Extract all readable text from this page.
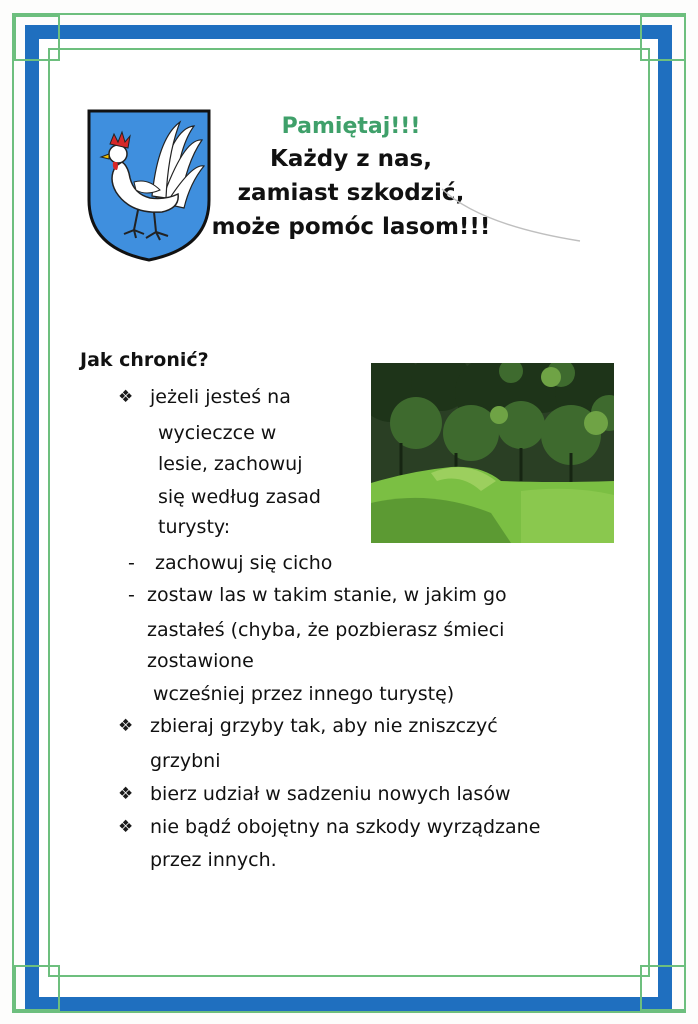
Pamiętaj!!!
Każdy z nas,
zamiast szkodzić,
może pomóc lasom!!!
Jak chronić?
❖ jeżeli jesteś na
wycieczce w
lesie, zachowuj
się według zasad
turysty:
- zachowuj się cicho
- zostaw las w takim stanie, w jakim go
zastałeś (chyba, że pozbierasz śmieci
zostawione
wcześniej przez innego turystę)
❖ zbieraj grzyby tak, aby nie zniszczyć
grzybni
❖ bierz udział w sadzeniu nowych lasów
❖ nie bądź obojętny na szkody wyrządzane
przez innych.
